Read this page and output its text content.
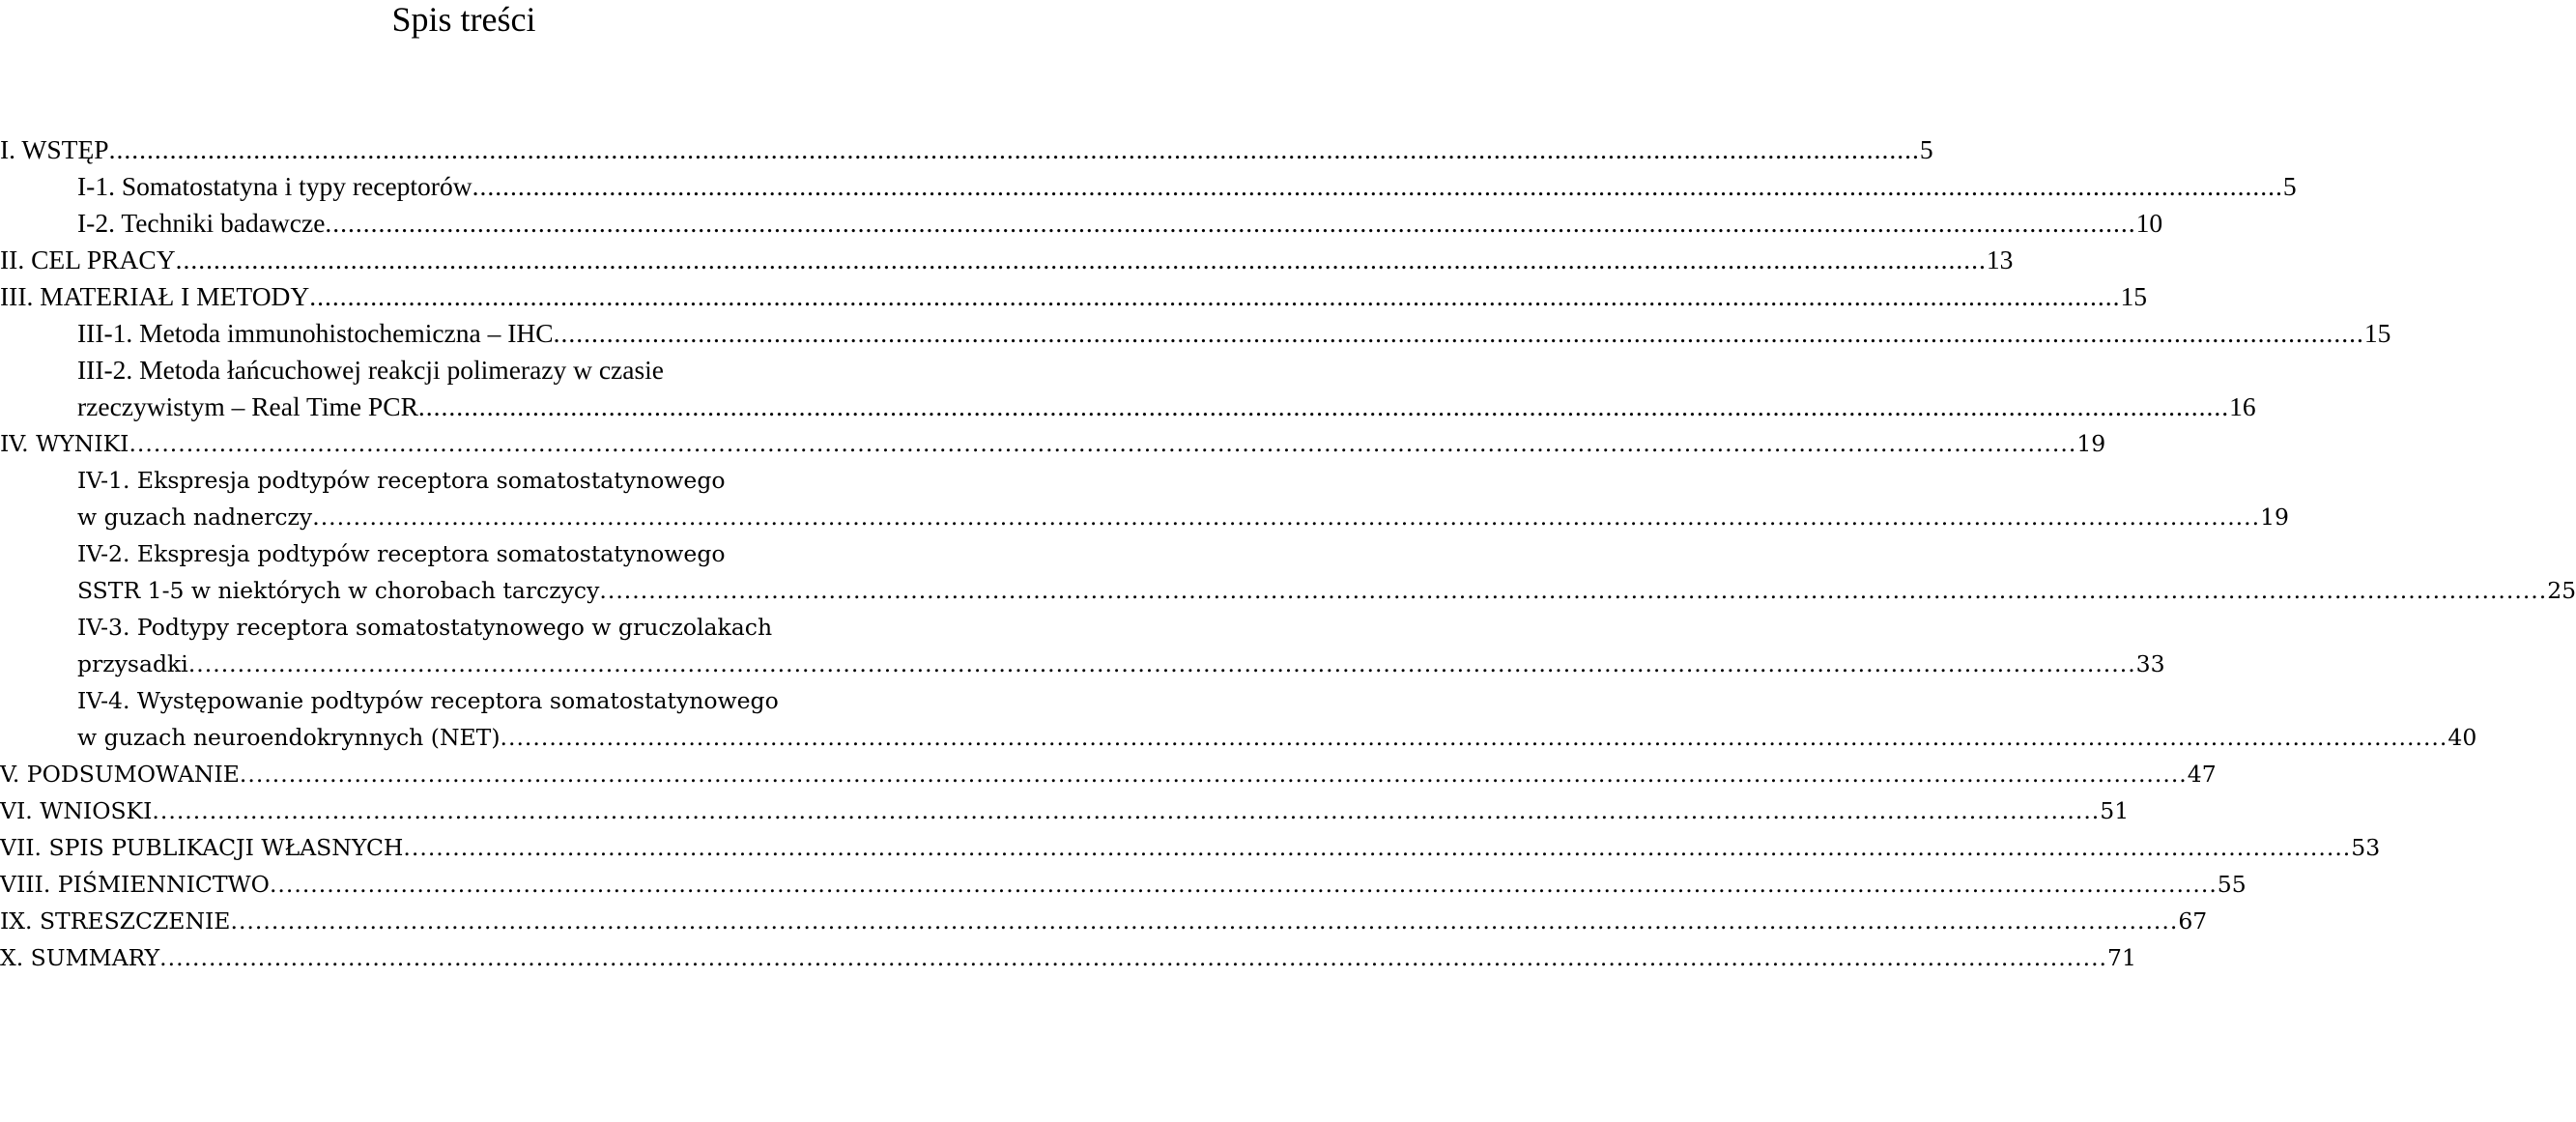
Spis treści
I. WSTĘP .....	5
I-1. Somatostatyna i typy receptorów .....	5
I-2. Techniki badawcze .....	10
II. CEL PRACY .....	13
III. MATERIAŁ I METODY .....	15
III-1. Metoda immunohistochemiczna – IHC .....	15
III-2. Metoda łańcuchowej reakcji polimerazy w czasie
rzeczywistym – Real Time PCR .....	16
IV. WYNIKI .....	19
IV-1. Ekspresja podtypów receptora somatostatynowego
w guzach nadnerczy .....	19
IV-2. Ekspresja podtypów receptora somatostatynowego
SSTR 1-5 w niektórych w chorobach tarczycy .....	25
IV-3. Podtypy receptora somatostatynowego w gruczolakach
przysadki .....	33
IV-4. Występowanie podtypów receptora somatostatynowego
w guzach neuroendokrynnych (NET) .....	40
V. PODSUMOWANIE .....	47
VI. WNIOSKI .....	51
VII. SPIS PUBLIKACJI WŁASNYCH .....	53
VIII. PIŚMIENNICTWO .....	55
IX. STRESZCZENIE .....	67
X. SUMMARY .....	71
